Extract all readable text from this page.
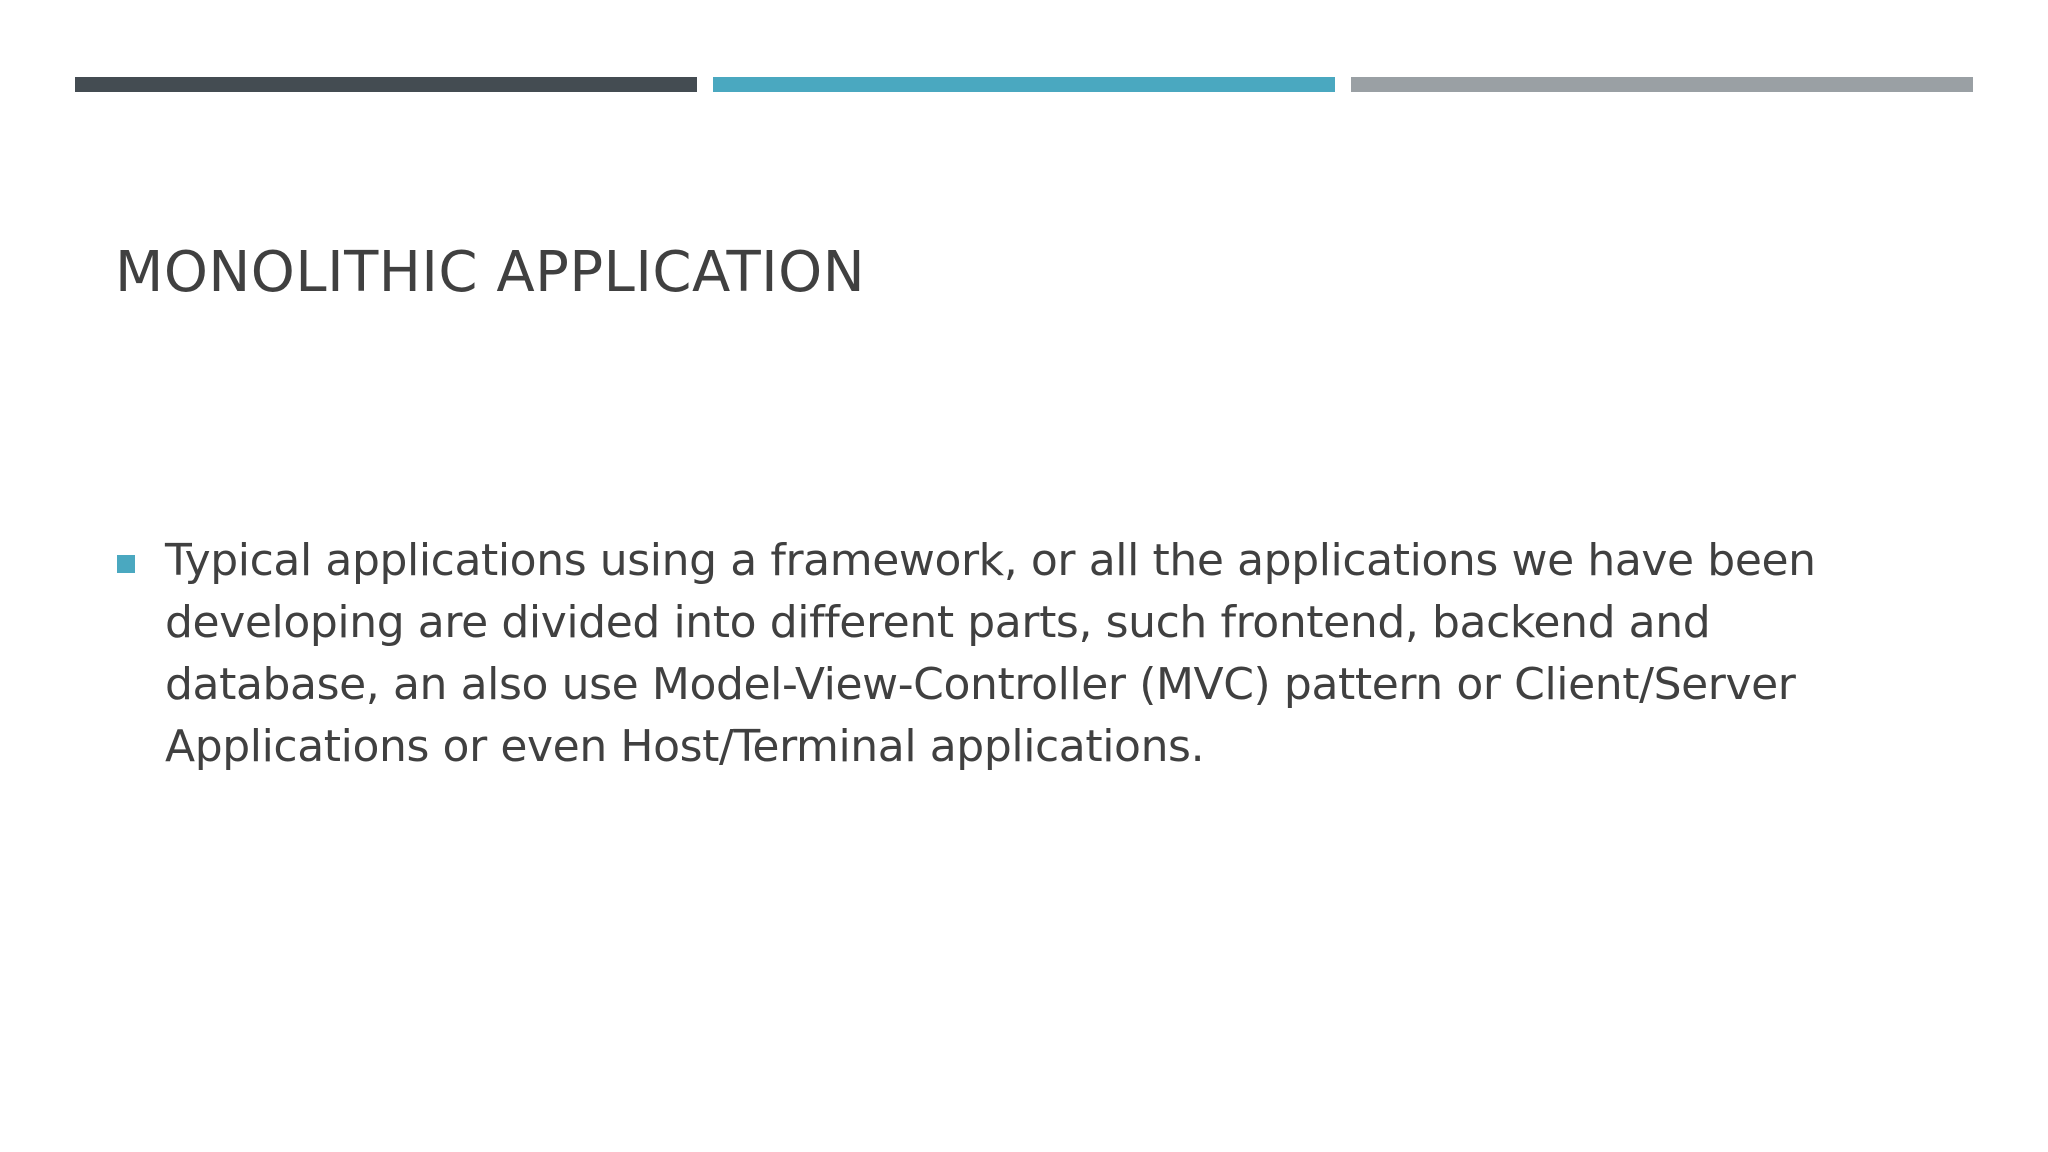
MONOLITHIC APPLICATION
Typical applications using a framework, or all the applications we have been developing are divided into different parts, such frontend, backend and database, an also use Model-View-Controller (MVC) pattern or Client/Server Applications or even Host/Terminal applications.
